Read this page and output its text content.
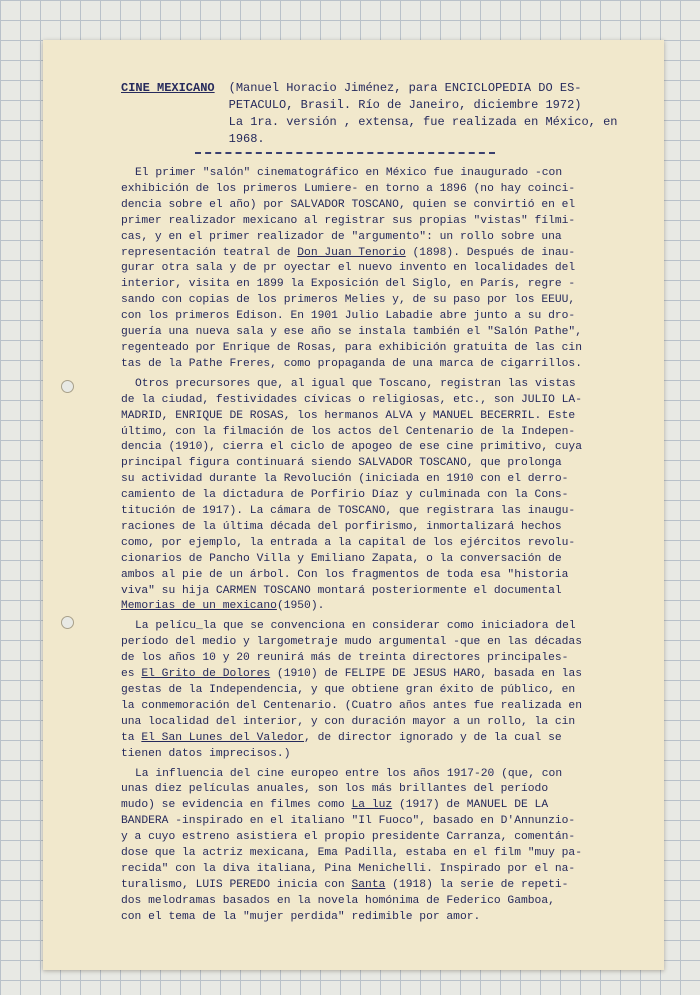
CINE MEXICANO (Manuel Horacio Jiménez, para ENCICLOPEDIA DO ES-
PETACULO, Brasil. Río de Janeiro, diciembre 1972)
La 1ra. versión , extensa, fue realizada en México, en
1968.
El primer "salón" cinematográfico en México fue inaugurado -con
exhibición de los primeros Lumiere- en torno a 1896 (no hay coinci-
dencia sobre el año) por SALVADOR TOSCANO, quien se convirtió en el
primer realizador mexicano al registrar sus propias "vistas" fílmi-
cas, y en el primer realizador de "argumento": un rollo sobre una
representación teatral de Don Juan Tenorio (1898). Después de inau-
gurar otra sala y de pr oyectar el nuevo invento en localidades del
interior, visita en 1899 la Exposición del Siglo, en París, regre -
sando con copias de los primeros Melies y, de su paso por los EEUU,
con los primeros Edison. En 1901 Julio Labadie abre junto a su dro-
guería una nueva sala y ese año se instala también el "Salón Pathe",
regenteado por Enrique de Rosas, para exhibición gratuita de las cin
tas de la Pathe Freres, como propaganda de una marca de cigarrillos.
Otros precursores que, al igual que Toscano, registran las vistas
de la ciudad, festividades cívicas o religiosas, etc., son JULIO LA-
MADRID, ENRIQUE DE ROSAS, los hermanos ALVA y MANUEL BECERRIL. Este
último, con la filmación de los actos del Centenario de la Indepen-
dencia (1910), cierra el ciclo de apogeo de ese cine primitivo, cuya
principal figura continuará siendo SALVADOR TOSCANO, que prolonga
su actividad durante la Revolución (iniciada en 1910 con el derro-
camiento de la dictadura de Porfirio Díaz y culminada con la Cons-
titución de 1917). La cámara de TOSCANO, que registrara las inaugu-
raciones de la última década del porfirismo, inmortalizará hechos
como, por ejemplo, la entrada a la capital de los ejércitos revolu-
cionarios de Pancho Villa y Emiliano Zapata, o la conversación de
ambos al pie de un árbol. Con los fragmentos de toda esa "historia
viva" su hija CARMEN TOSCANO montará posteriormente el documental
Memorias de un mexicano(1950).
La pelícu_la que se convenciona en considerar como iniciadora del
período del medio y largometraje mudo argumental -que en las décadas
de los años 10 y 20 reunirá más de treinta directores principales-
es El Grito de Dolores (1910) de FELIPE DE JESUS HARO, basada en las
gestas de la Independencia, y que obtiene gran éxito de público, en
la conmemoración del Centenario. (Cuatro años antes fue realizada en
una localidad del interior, y con duración mayor a un rollo, la cin
ta El San Lunes del Valedor, de director ignorado y de la cual se
tienen datos imprecisos.)
La influencia del cine europeo entre los años 1917-20 (que, con
unas diez películas anuales, son los más brillantes del período
mudo) se evidencia en filmes como La luz (1917) de MANUEL DE LA
BANDERA -inspirado en el italiano "Il Fuoco", basado en D'Annunzio-
y a cuyo estreno asistiera el propio presidente Carranza, comentán-
dose que la actriz mexicana, Ema Padilla, estaba en el film "muy pa-
recida" con la diva italiana, Pina Menichelli. Inspirado por el na-
turalismo, LUIS PEREDO inicia con Santa (1918) la serie de repeti-
dos melodramas basados en la novela homónima de Federico Gamboa,
con el tema de la "mujer perdida" redimible por amor.
